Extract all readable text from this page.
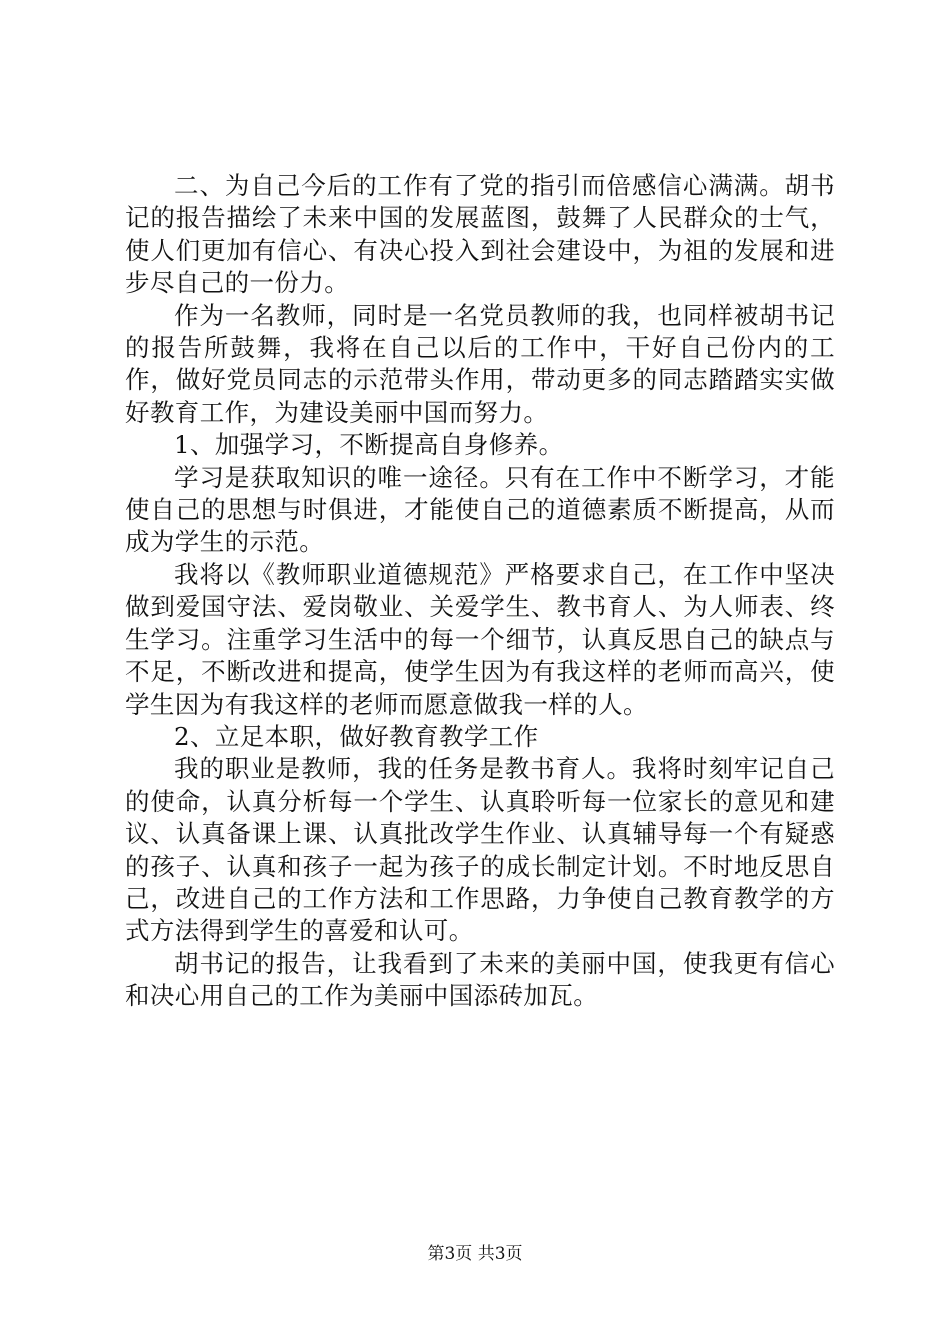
二、为自己今后的工作有了党的指引而倍感信心满满。胡书记的报告描绘了未来中国的发展蓝图，鼓舞了人民群众的士气，使人们更加有信心、有决心投入到社会建设中，为祖的发展和进步尽自己的一份力。

作为一名教师，同时是一名党员教师的我，也同样被胡书记的报告所鼓舞，我将在自己以后的工作中，干好自己份内的工作，做好党员同志的示范带头作用，带动更多的同志踏踏实实做好教育工作，为建设美丽中国而努力。

1、加强学习，不断提高自身修养。

学习是获取知识的唯一途径。只有在工作中不断学习，才能使自己的思想与时俱进，才能使自己的道德素质不断提高，从而成为学生的示范。

我将以《教师职业道德规范》严格要求自己，在工作中坚决做到爱国守法、爱岗敬业、关爱学生、教书育人、为人师表、终生学习。注重学习生活中的每一个细节，认真反思自己的缺点与不足，不断改进和提高，使学生因为有我这样的老师而高兴，使学生因为有我这样的老师而愿意做我一样的人。

2、立足本职，做好教育教学工作

我的职业是教师，我的任务是教书育人。我将时刻牢记自己的使命，认真分析每一个学生、认真聆听每一位家长的意见和建议、认真备课上课、认真批改学生作业、认真辅导每一个有疑惑的孩子、认真和孩子一起为孩子的成长制定计划。不时地反思自己，改进自己的工作方法和工作思路，力争使自己教育教学的方式方法得到学生的喜爱和认可。

胡书记的报告，让我看到了未来的美丽中国，使我更有信心和决心用自己的工作为美丽中国添砖加瓦。

第3页 共3页
